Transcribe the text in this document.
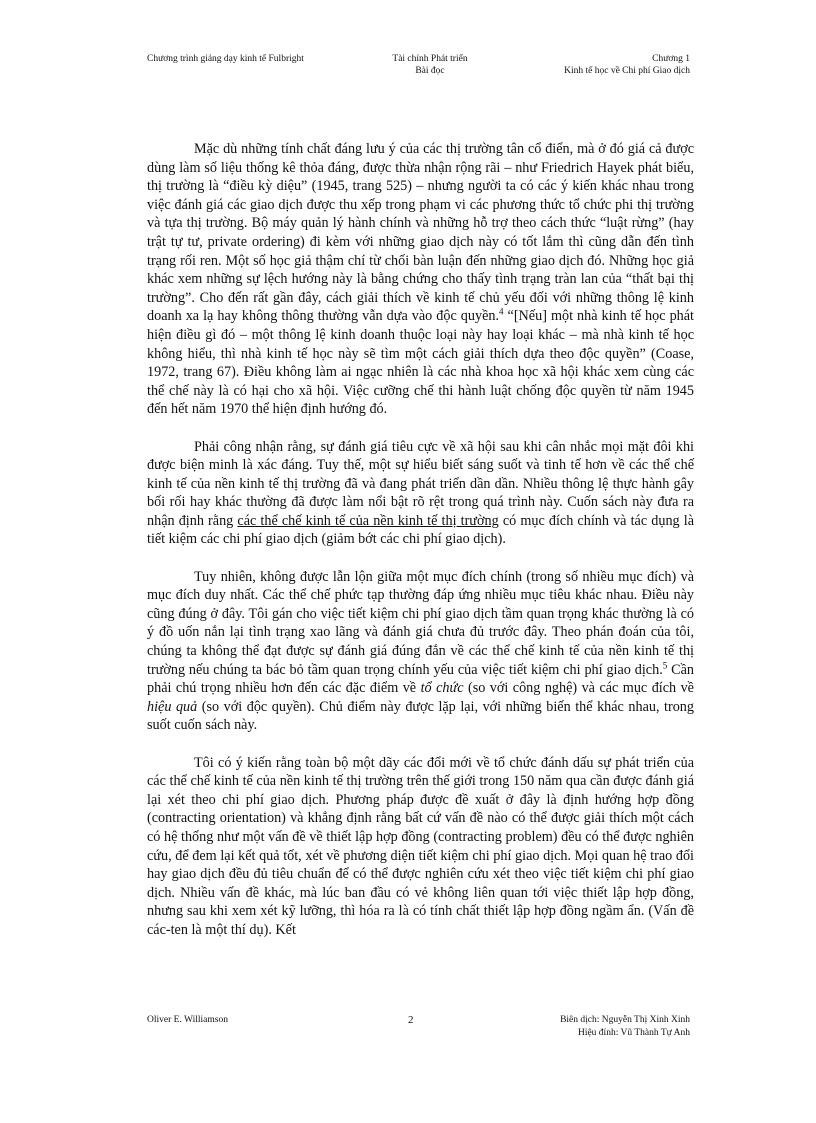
Chương trình giảng dạy kinh tế Fulbright	Tài chính Phát triển
Bài đọc
Chương 1
Kinh tế học về Chi phí Giao dịch

Mặc dù những tính chất đáng lưu ý của các thị trường tân cổ điển, mà ở đó giá cả được dùng làm số liệu thống kê thỏa đáng, được thừa nhận rộng rãi – như Friedrich Hayek phát biểu, thị trường là “điều kỳ diệu” (1945, trang 525) – nhưng người ta có các ý kiến khác nhau trong việc đánh giá các giao dịch được thu xếp trong phạm vi các phương thức tổ chức phi thị trường và tựa thị trường. Bộ máy quản lý hành chính và những hỗ trợ theo cách thức “luật rừng” (hay trật tự tư, private ordering) đi kèm với những giao dịch này có tốt lắm thì cũng dẫn đến tình trạng rối ren. Một số học giả thậm chí từ chối bàn luận đến những giao dịch đó. Những học giả khác xem những sự lệch hướng này là bằng chứng cho thấy tình trạng tràn lan của “thất bại thị trường”. Cho đến rất gần đây, cách giải thích về kinh tế chủ yếu đối với những thông lệ kinh doanh xa lạ hay không thông thường vẫn dựa vào độc quyền.$^4$ “[Nếu] một nhà kinh tế học phát hiện điều gì đó – một thông lệ kinh doanh thuộc loại này hay loại khác – mà nhà kinh tế học không hiểu, thì nhà kinh tế học này sẽ tìm một cách giải thích dựa theo độc quyền” (Coase, 1972, trang 67). Điều không làm ai ngạc nhiên là các nhà khoa học xã hội khác xem cùng các thể chế này là có hại cho xã hội. Việc cưỡng chế thi hành luật chống độc quyền từ năm 1945 đến hết năm 1970 thể hiện định hướng đó.

Phải công nhận rằng, sự đánh giá tiêu cực về xã hội sau khi cân nhắc mọi mặt đôi khi được biện minh là xác đáng. Tuy thế, một sự hiểu biết sáng suốt và tinh tế hơn về các thể chế kinh tế của nền kinh tế thị trường đã và đang phát triển dần dần. Nhiều thông lệ thực hành gây bối rối hay khác thường đã được làm nổi bật rõ rệt trong quá trình này. Cuốn sách này đưa ra nhận định rằng các thể chế kinh tế của nền kinh tế thị trường có mục đích chính và tác dụng là tiết kiệm các chi phí giao dịch (giảm bớt các chi phí giao dịch).

Tuy nhiên, không được lẫn lộn giữa một mục đích chính (trong số nhiều mục đích) và mục đích duy nhất. Các thể chế phức tạp thường đáp ứng nhiều mục tiêu khác nhau. Điều này cũng đúng ở đây. Tôi gán cho việc tiết kiệm chi phí giao dịch tầm quan trọng khác thường là có ý đồ uốn nắn lại tình trạng xao lãng và đánh giá chưa đủ trước đây. Theo phán đoán của tôi, chúng ta không thể đạt được sự đánh giá đúng đắn về các thể chế kinh tế của nền kinh tế thị trường nếu chúng ta bác bỏ tầm quan trọng chính yếu của việc tiết kiệm chi phí giao dịch.$^5$ Cần phải chú trọng nhiều hơn đến các đặc điểm về tổ chức (so với công nghệ) và các mục đích về hiệu quả (so với độc quyền). Chủ điểm này được lặp lại, với những biến thể khác nhau, trong suốt cuốn sách này.

Tôi có ý kiến rằng toàn bộ một dãy các đổi mới về tổ chức đánh dấu sự phát triển của các thể chế kinh tế của nền kinh tế thị trường trên thế giới trong 150 năm qua cần được đánh giá lại xét theo chi phí giao dịch. Phương pháp được đề xuất ở đây là định hướng hợp đồng (contracting orientation) và khẳng định rằng bất cứ vấn đề nào có thể được giải thích một cách có hệ thống như một vấn đề về thiết lập hợp đồng (contracting problem) đều có thể được nghiên cứu, để đem lại kết quả tốt, xét về phương diện tiết kiệm chi phí giao dịch. Mọi quan hệ trao đổi hay giao dịch đều đủ tiêu chuẩn để có thể được nghiên cứu xét theo việc tiết kiệm chi phí giao dịch. Nhiều vấn đề khác, mà lúc ban đầu có vẻ không liên quan tới việc thiết lập hợp đồng, nhưng sau khi xem xét kỹ lưỡng, thì hóa ra là có tính chất thiết lập hợp đồng ngầm ẩn. (Vấn đề các-ten là một thí dụ). Kết

Oliver E. Williamson	2	Biên dịch: Nguyễn Thị Xinh Xinh
Hiệu đính: Vũ Thành Tự Anh
